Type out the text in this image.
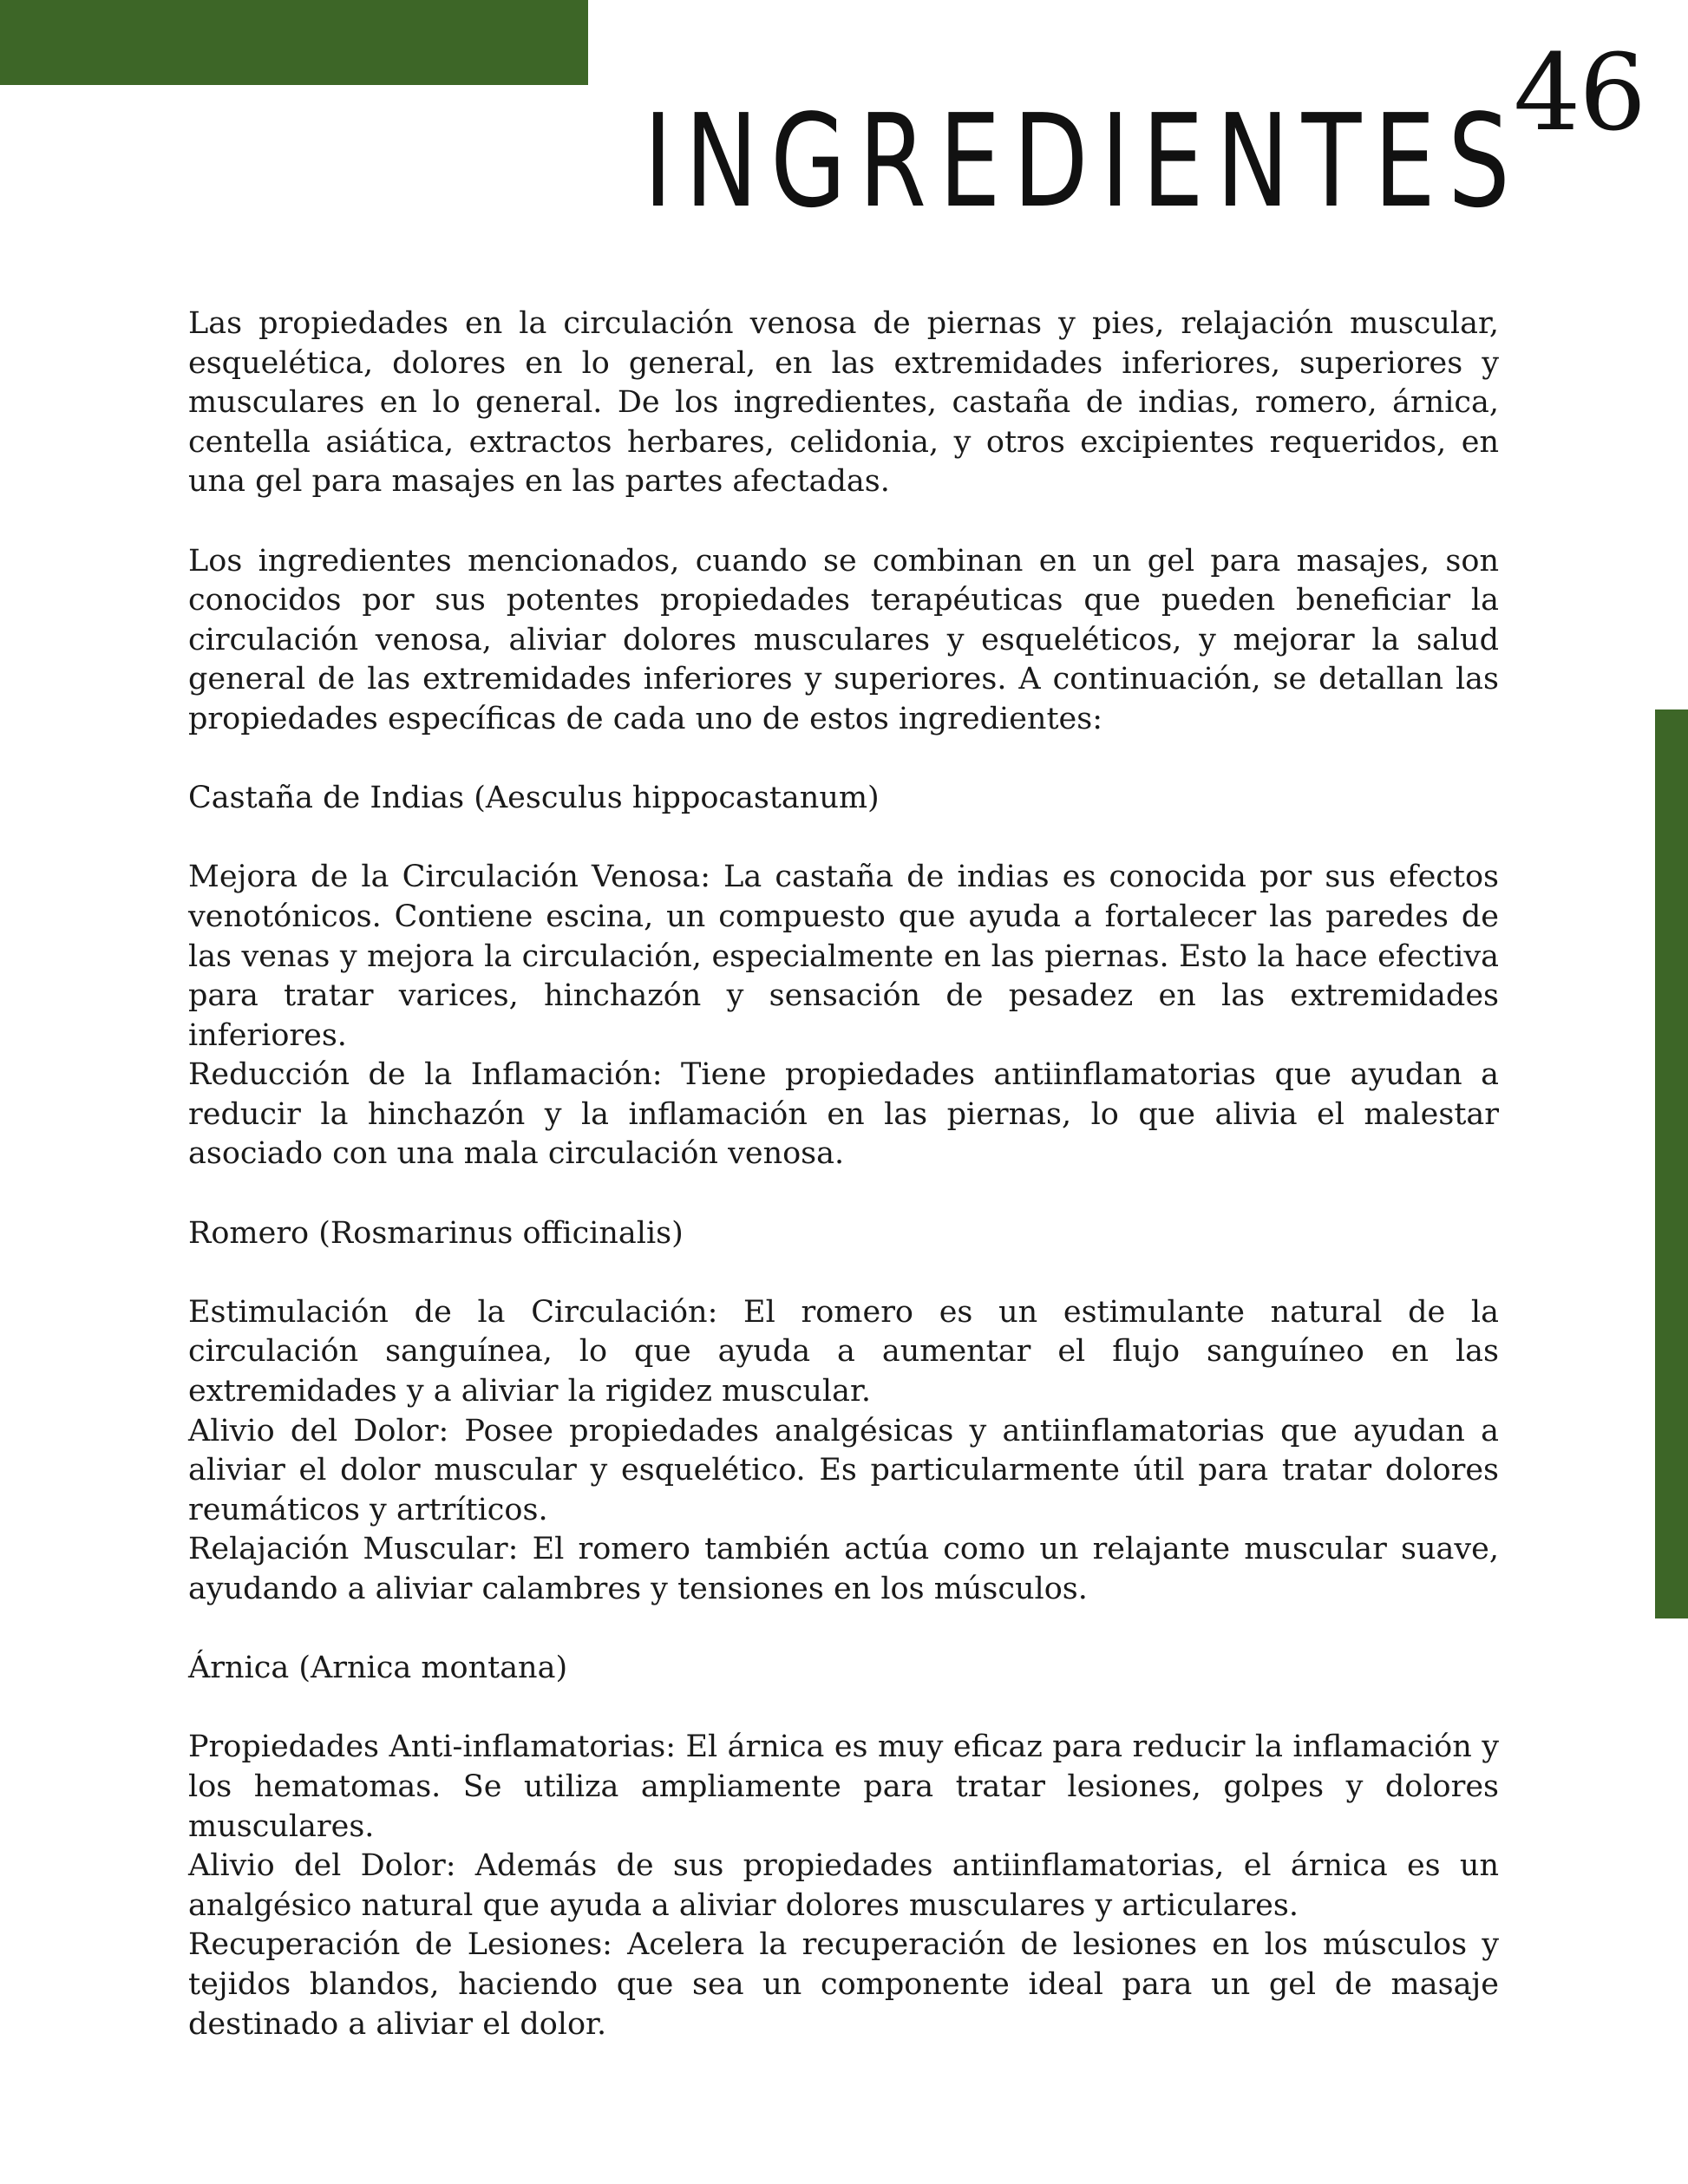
46
INGREDIENTES

Las propiedades en la circulación venosa de piernas y pies, relajación muscular, esquelética, dolores en lo general, en las extremidades inferiores, superiores y musculares en lo general. De los ingredientes, castaña de indias, romero, árnica, centella asiática, extractos herbares, celidonia, y otros excipientes requeridos, en una gel para masajes en las partes afectadas.

Los ingredientes mencionados, cuando se combinan en un gel para masajes, son conocidos por sus potentes propiedades terapéuticas que pueden beneficiar la circulación venosa, aliviar dolores musculares y esqueléticos, y mejorar la salud general de las extremidades inferiores y superiores. A continuación, se detallan las propiedades específicas de cada uno de estos ingredientes:

Castaña de Indias (Aesculus hippocastanum)

Mejora de la Circulación Venosa: La castaña de indias es conocida por sus efectos venotónicos. Contiene escina, un compuesto que ayuda a fortalecer las paredes de las venas y mejora la circulación, especialmente en las piernas. Esto la hace efectiva para tratar varices, hinchazón y sensación de pesadez en las extremidades inferiores.

Reducción de la Inflamación: Tiene propiedades antiinflamatorias que ayudan a reducir la hinchazón y la inflamación en las piernas, lo que alivia el malestar asociado con una mala circulación venosa.

Romero (Rosmarinus officinalis)

Estimulación de la Circulación: El romero es un estimulante natural de la circulación sanguínea, lo que ayuda a aumentar el flujo sanguíneo en las extremidades y a aliviar la rigidez muscular.

Alivio del Dolor: Posee propiedades analgésicas y antiinflamatorias que ayudan a aliviar el dolor muscular y esquelético. Es particularmente útil para tratar dolores reumáticos y artríticos.

Relajación Muscular: El romero también actúa como un relajante muscular suave, ayudando a aliviar calambres y tensiones en los músculos.

Árnica (Arnica montana)

Propiedades Anti-inflamatorias: El árnica es muy eficaz para reducir la inflamación y los hematomas. Se utiliza ampliamente para tratar lesiones, golpes y dolores musculares.

Alivio del Dolor: Además de sus propiedades antiinflamatorias, el árnica es un analgésico natural que ayuda a aliviar dolores musculares y articulares.

Recuperación de Lesiones: Acelera la recuperación de lesiones en los músculos y tejidos blandos, haciendo que sea un componente ideal para un gel de masaje destinado a aliviar el dolor.
